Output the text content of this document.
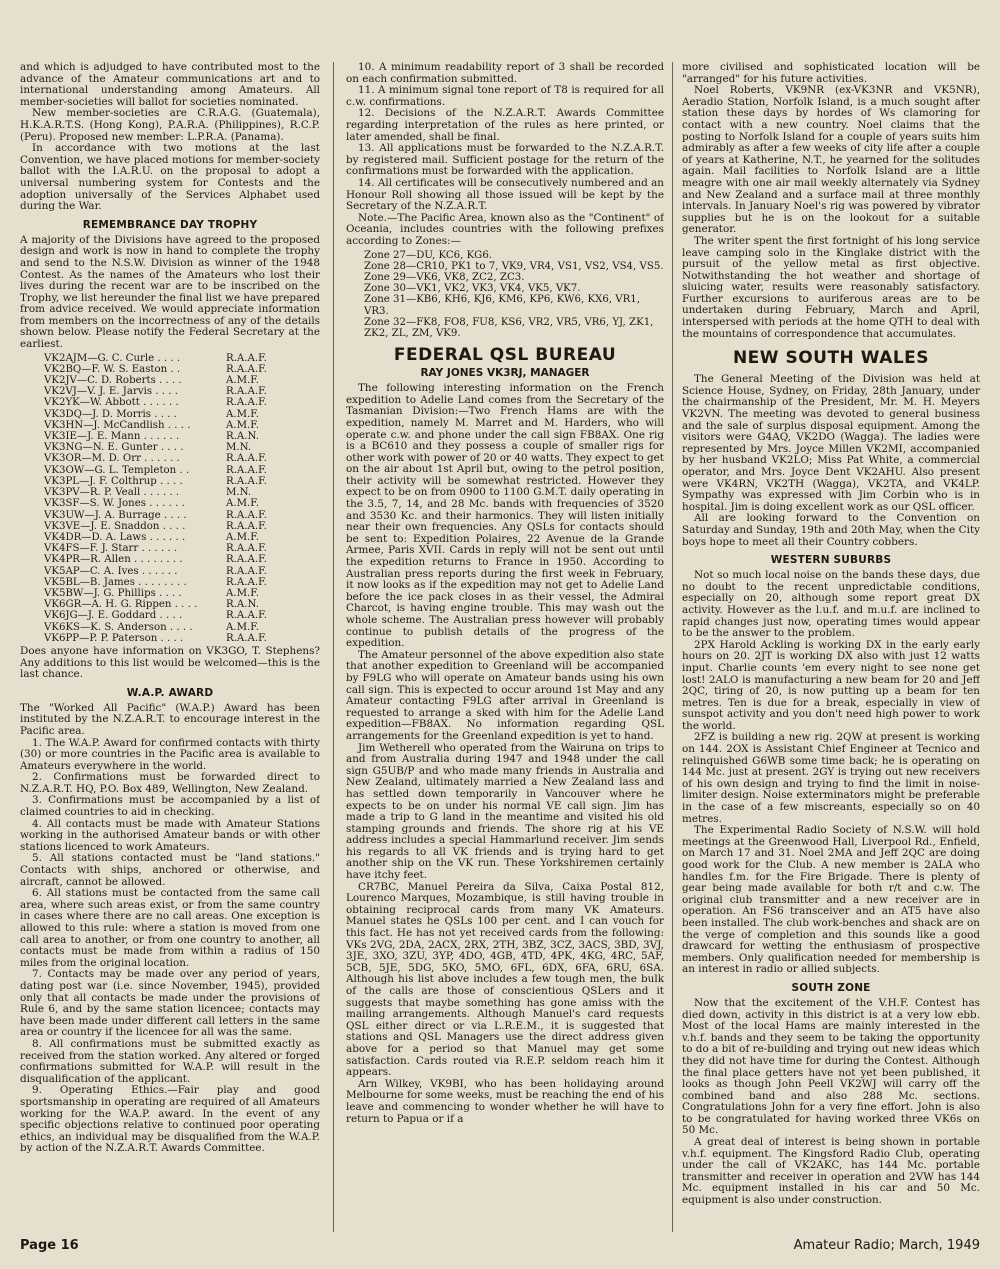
and which is adjudged to have contributed most to the advance of the Amateur communications art and to international understanding among Amateurs. All member-societies will ballot for societies nominated.

New member-societies are C.R.A.G. (Guatemala), H.K.A.R.T.S. (Hong Kong), P.A.R.A. (Philippines), R.C.P. (Peru). Proposed new member: L.P.R.A. (Panama).

In accordance with two motions at the last Convention, we have placed motions for member-society ballot with the I.A.R.U. on the proposal to adopt a universal numbering system for Contests and the adoption universally of the Services Alphabet used during the War.

REMEMBRANCE DAY TROPHY

A majority of the Divisions have agreed to the proposed design and work is now in hand to complete the trophy and send to the N.S.W. Division as winner of the 1948 Contest. As the names of the Amateurs who lost their lives during the recent war are to be inscribed on the Trophy, we list hereunder the final list we have prepared from advice received. We would appreciate information from members on the incorrectness of any of the details shown below. Please notify the Federal Secretary at the earliest.

VK2AJM—G. C. Curle . . . .	R.A.A.F.
VK2BQ—F. W. S. Easton . .	R.A.A.F.
VK2JV—C. D. Roberts . . . .	A.M.F.
VK2VJ—V. J. E. Jarvis . . . .	R.A.A.F.
VK2YK—W. Abbott . . . . . .	R.A.A.F.
VK3DQ—J. D. Morris . . . .	A.M.F.
VK3HN—J. McCandlish . . . .	A.M.F.
VK3IE—J. E. Mann . . . . . .	R.A.N.
VK3NG—N. E. Gunter . . . .	M.N.
VK3OR—M. D. Orr . . . . . .	R.A.A.F.
VK3OW—G. L. Templeton . .	R.A.A.F.
VK3PL—J. F. Colthrup . . . .	R.A.A.F.
VK3PV—R. P. Veall . . . . . .	M.N.
VK3SF—S. W. Jones . . . . . .	A.M.F.
VK3UW—J. A. Burrage . . . .	R.A.A.F.
VK3VE—J. E. Snaddon . . . .	R.A.A.F.
VK4DR—D. A. Laws . . . . . .	A.M.F.
VK4FS—F. J. Starr . . . . . .	R.A.A.F.
VK4PR—R. Allen . . . . . . . .	R.A.A.F.
VK5AP—C. A. Ives . . . . . .	R.A.A.F.
VK5BL—B. James . . . . . . . .	R.A.A.F.
VK5BW—J. G. Phillips . . . .	A.M.F.
VK6GR—A. H. G. Rippen . . . .	R.A.N.
VK6JG—J. E. Goddard . . . .	R.A.A.F.
VK6KS—K. S. Anderson . . . .	A.M.F.
VK6PP—P. P. Paterson . . . .	R.A.A.F.

Does anyone have information on VK3GO, T. Stephens? Any additions to this list would be welcomed—this is the last chance.

W.A.P. AWARD

The "Worked All Pacific" (W.A.P.) Award has been instituted by the N.Z.A.R.T. to encourage interest in the Pacific area.

1. The W.A.P. Award for confirmed contacts with thirty (30) or more countries in the Pacific area is available to Amateurs everywhere in the world.

2. Confirmations must be forwarded direct to N.Z.A.R.T. HQ, P.O. Box 489, Wellington, New Zealand.

3. Confirmations must be accompanied by a list of claimed countries to aid in checking.

4. All contacts must be made with Amateur Stations working in the authorised Amateur bands or with other stations licenced to work Amateurs.

5. All stations contacted must be "land stations." Contacts with ships, anchored or otherwise, and aircraft, cannot be allowed.

6. All stations must be contacted from the same call area, where such areas exist, or from the same country in cases where there are no call areas. One exception is allowed to this rule: where a station is moved from one call area to another, or from one country to another, all contacts must be made from within a radius of 150 miles from the original location.

7. Contacts may be made over any period of years, dating post war (i.e. since November, 1945), provided only that all contacts be made under the provisions of Rule 6, and by the same station licencee; contacts may have been made under different call letters in the same area or country if the licencee for all was the same.

8. All confirmations must be submitted exactly as received from the station worked. Any altered or forged confirmations submitted for W.A.P. will result in the disqualification of the applicant.

9. Operating Ethics.—Fair play and good sportsmanship in operating are required of all Amateurs working for the W.A.P. award. In the event of any specific objections relative to continued poor operating ethics, an individual may be disqualified from the W.A.P. by action of the N.Z.A.R.T. Awards Committee.

10. A minimum readability report of 3 shall be recorded on each confirmation submitted.

11. A minimum signal tone report of T8 is required for all c.w. confirmations.

12. Decisions of the N.Z.A.R.T. Awards Committee regarding interpretation of the rules as here printed, or later amended, shall be final.

13. All applications must be forwarded to the N.Z.A.R.T. by registered mail. Sufficient postage for the return of the confirmations must be forwarded with the application.

14. All certificates will be consecutively numbered and an Honour Roll showing all those issued will be kept by the Secretary of the N.Z.A.R.T.

Note.—The Pacific Area, known also as the "Continent" of Oceania, includes countries with the following prefixes according to Zones:—

Zone 27—DU, KC6, KG6.
Zone 28—CR10, PK1 to 7, VK9, VR4, VS1, VS2, VS4, VS5.
Zone 29—VK6, VK8, ZC2, ZC3.
Zone 30—VK1, VK2, VK3, VK4, VK5, VK7.
Zone 31—KB6, KH6, KJ6, KM6, KP6, KW6, KX6, VR1, VR3.
Zone 32—FK8, FO8, FU8, KS6, VR2, VR5, VR6, YJ, ZK1, ZK2, ZL, ZM, VK9.
FEDERAL QSL BUREAU
RAY JONES VK3RJ, MANAGER

The following interesting information on the French expedition to Adelie Land comes from the Secretary of the Tasmanian Division:—Two French Hams are with the expedition, namely M. Marret and M. Harders, who will operate c.w. and phone under the call sign FB8AX. One rig is a BC610 and they possess a couple of smaller rigs for other work with power of 20 or 40 watts. They expect to get on the air about 1st April but, owing to the petrol position, their activity will be somewhat restricted. However they expect to be on from 0900 to 1100 G.M.T. daily operating in the 3.5, 7, 14, and 28 Mc. bands with frequencies of 3520 and 3530 Kc. and their harmonics. They will listen initially near their own frequencies. Any QSLs for contacts should be sent to: Expedition Polaires, 22 Avenue de la Grande Armee, Paris XVII. Cards in reply will not be sent out until the expedition returns to France in 1950. According to Australian press reports during the first week in February, it now looks as if the expedition may not get to Adelie Land before the ice pack closes in as their vessel, the Admiral Charcot, is having engine trouble. This may wash out the whole scheme. The Australian press however will probably continue to publish details of the progress of the expedition.

The Amateur personnel of the above expedition also state that another expedition to Greenland will be accompanied by F9LG who will operate on Amateur bands using his own call sign. This is expected to occur around 1st May and any Amateur contacting F9LG after arrival in Greenland is requested to arrange a sked with him for the Adelie Land expedition—FB8AX. No information regarding QSL arrangements for the Greenland expedition is yet to hand.

Jim Wetherell who operated from the Wairuna on trips to and from Australia during 1947 and 1948 under the call sign G5UB/P and who made many friends in Australia and New Zealand, ultimately married a New Zealand lass and has settled down temporarily in Vancouver where he expects to be on under his normal VE call sign. Jim has made a trip to G land in the meantime and visited his old stamping grounds and friends. The shore rig at his VE address includes a special Hammarlund receiver. Jim sends his regards to all VK friends and is trying hard to get another ship on the VK run. These Yorkshiremen certainly have itchy feet.

CR7BC, Manuel Pereira da Silva, Caixa Postal 812, Lourenco Marques, Mozambique, is still having trouble in obtaining reciprocal cards from many VK Amateurs. Manuel states he QSLs 100 per cent. and I can vouch for this fact. He has not yet received cards from the following: VKs 2VG, 2DA, 2ACX, 2RX, 2TH, 3BZ, 3CZ, 3ACS, 3BD, 3VJ, 3JE, 3XO, 3ZU, 3YP, 4DO, 4GB, 4TD, 4PK, 4KG, 4RC, 5AF, 5CB, 5JE, 5DG, 5KO, 5MO, 6FL, 6DX, 6FA, 6RU, 6SA. Although his list above includes a few tough men, the bulk of the calls are those of conscientious QSLers and it suggests that maybe something has gone amiss with the mailing arrangements. Although Manuel's card requests QSL either direct or via L.R.E.M., it is suggested that stations and QSL Managers use the direct address given above for a period so that Manuel may get some satisfaction. Cards routed via R.E.P. seldom reach him it appears.

Arn Wilkey, VK9BI, who has been holidaying around Melbourne for some weeks, must be reaching the end of his leave and commencing to wonder whether he will have to return to Papua or if a

more civilised and sophisticated location will be "arranged" for his future activities.

Noel Roberts, VK9NR (ex-VK3NR and VK5NR), Aeradio Station, Norfolk Island, is a much sought after station these days by hordes of Ws clamoring for contact with a new country. Noel claims that the posting to Norfolk Island for a couple of years suits him admirably as after a few weeks of city life after a couple of years at Katherine, N.T., he yearned for the solitudes again. Mail facilities to Norfolk Island are a little meagre with one air mail weekly alternately via Sydney and New Zealand and a surface mail at three monthly intervals. In January Noel's rig was powered by vibrator supplies but he is on the lookout for a suitable generator.

The writer spent the first fortnight of his long service leave camping solo in the Kinglake district with the pursuit of the yellow metal as first objective. Notwithstanding the hot weather and shortage of sluicing water, results were reasonably satisfactory. Further excursions to auriferous areas are to be undertaken during February, March and April, interspersed with periods at the home QTH to deal with the mountains of correspondence that accumulates.

NEW SOUTH WALES

The General Meeting of the Division was held at Science House, Sydney, on Friday, 28th January, under the chairmanship of the President, Mr. M. H. Meyers VK2VN. The meeting was devoted to general business and the sale of surplus disposal equipment. Among the visitors were G4AQ, VK2DO (Wagga). The ladies were represented by Mrs. Joyce Millen VK2MI, accompanied by her husband VK2LO; Miss Pat White, a commercial operator, and Mrs. Joyce Dent VK2AHU. Also present were VK4RN, VK2TH (Wagga), VK2TA, and VK4LP. Sympathy was expressed with Jim Corbin who is in hospital. Jim is doing excellent work as our QSL officer.

All are looking forward to the Convention on Saturday and Sunday, 19th and 20th May, when the City boys hope to meet all their Country cobbers.

WESTERN SUBURBS

Not so much local noise on the bands these days, due no doubt to the recent unpredictable conditions, especially on 20, although some report great DX activity. However as the l.u.f. and m.u.f. are inclined to rapid changes just now, operating times would appear to be the answer to the problem.

2PX Harold Ackling is working DX in the early early hours on 20. 2JT is working DX also with just 12 watts input. Charlie counts 'em every night to see none get lost! 2ALO is manufacturing a new beam for 20 and Jeff 2QC, tiring of 20, is now putting up a beam for ten metres. Ten is due for a break, especially in view of sunspot activity and you don't need high power to work the world.

2FZ is building a new rig. 2QW at present is working on 144. 2OX is Assistant Chief Engineer at Tecnico and relinquished G6WB some time back; he is operating on 144 Mc. just at present. 2GY is trying out new receivers of his own design and trying to find the limit in noise-limiter design. Noise exterminators might be preferable in the case of a few miscreants, especially so on 40 metres.

The Experimental Radio Society of N.S.W. will hold meetings at the Greenwood Hall, Liverpool Rd., Enfield, on March 17 and 31. Noel 2MA and Jeff 2QC are doing good work for the Club. A new member is 2ALA who handles f.m. for the Fire Brigade. There is plenty of gear being made available for both r/t and c.w. The original club transmitter and a new receiver are in operation. An FS6 transceiver and an AT5 have also been installed. The club work-benches and shack are on the verge of completion and this sounds like a good drawcard for wetting the enthusiasm of prospective members. Only qualification needed for membership is an interest in radio or allied subjects.

SOUTH ZONE

Now that the excitement of the V.H.F. Contest has died down, activity in this district is at a very low ebb. Most of the local Hams are mainly interested in the v.h.f. bands and they seem to be taking the opportunity to do a bit of re-building and trying out new ideas which they did not have time for during the Contest. Although the final place getters have not yet been published, it looks as though John Peell VK2WJ will carry off the combined band and also 288 Mc. sections. Congratulations John for a very fine effort. John is also to be congratulated for having worked three VK6s on 50 Mc.

A great deal of interest is being shown in portable v.h.f. equipment. The Kingsford Radio Club, operating under the call of VK2AKC, has 144 Mc. portable transmitter and receiver in operation and 2VW has 144 Mc. equipment installed in his car and 50 Mc. equipment is also under construction.

Page 16	Amateur Radio; March, 1949
